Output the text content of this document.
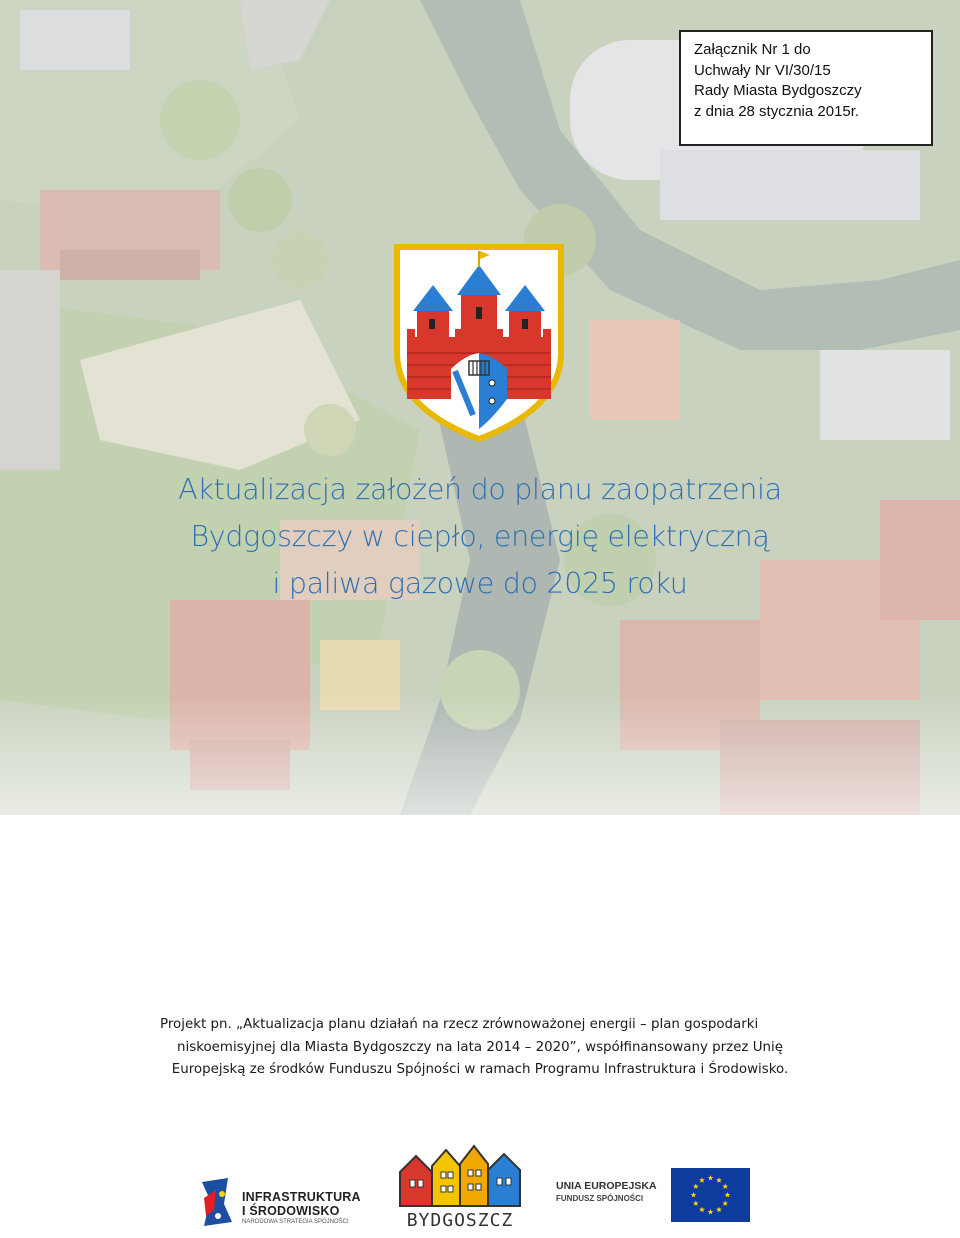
Załącznik Nr 1 do
Uchwały Nr VI/30/15
Rady Miasta Bydgoszczy
z dnia 28 stycznia 2015r.
Aktualizacja założeń do planu zaopatrzenia
Bydgoszczy w ciepło, energię elektryczną
i paliwa gazowe do 2025 roku
Projekt pn. „Aktualizacja planu działań na rzecz zrównoważonej energii – plan gospodarki
niskoemisyjnej dla Miasta Bydgoszczy na lata 2014 – 2020”, współfinansowany przez Unię
Europejską ze środków Funduszu Spójności w ramach Programu Infrastruktura i Środowisko.
INFRASTRUKTURA
I ŚRODOWISKO
NARODOWA STRATEGIA SPÓJNOŚCI	BYDGOSZCZ
UNIA EUROPEJSKA
FUNDUSZ SPÓJNOŚCI
